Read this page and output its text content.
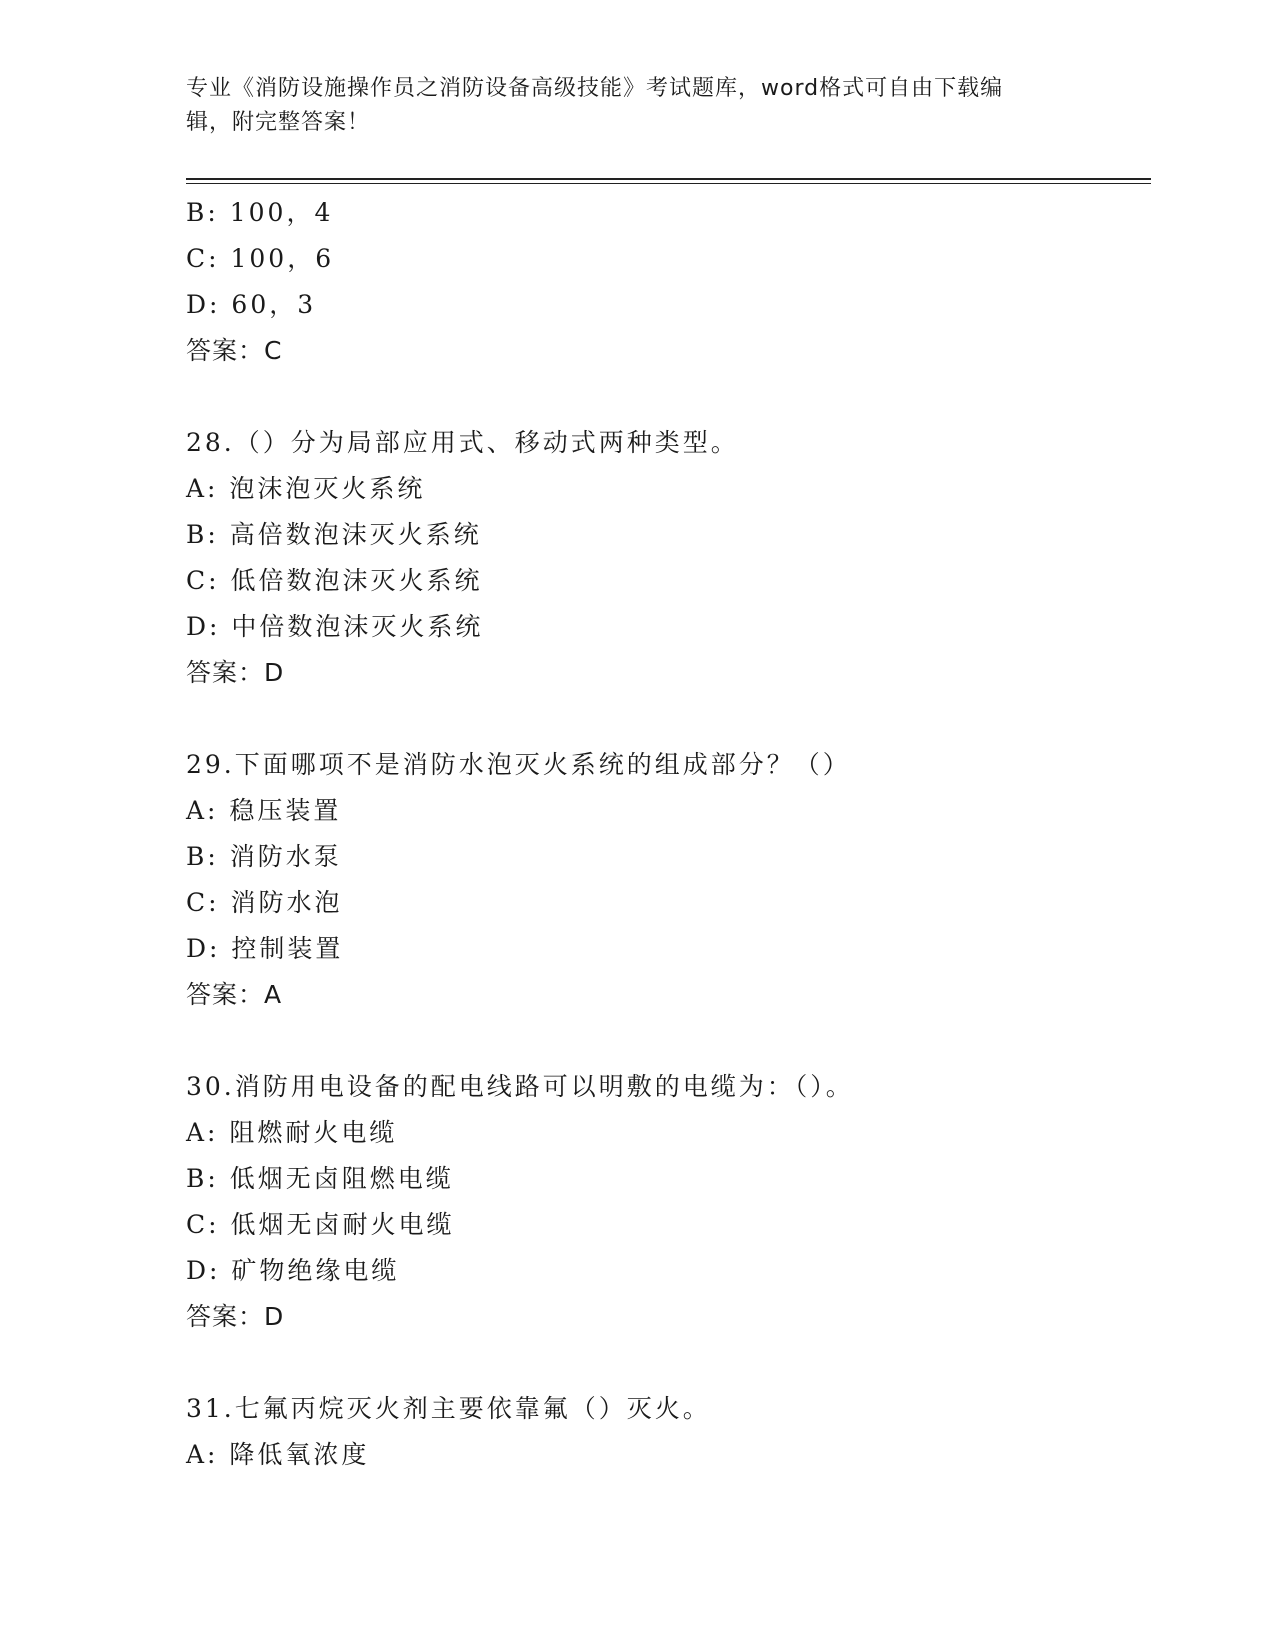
专业《消防设施操作员之消防设备高级技能》考试题库，word格式可自由下载编
辑，附完整答案！
B: 100，4
C: 100，6
D: 60，3
答案：C
28.（）分为局部应用式、移动式两种类型。
A: 泡沫泡灭火系统
B: 高倍数泡沫灭火系统
C: 低倍数泡沫灭火系统
D: 中倍数泡沫灭火系统
答案：D
29.下面哪项不是消防水泡灭火系统的组成部分？（）
A: 稳压装置
B: 消防水泵
C: 消防水泡
D: 控制装置
答案：A
30.消防用电设备的配电线路可以明敷的电缆为：（）。
A: 阻燃耐火电缆
B: 低烟无卤阻燃电缆
C: 低烟无卤耐火电缆
D: 矿物绝缘电缆
答案：D
31.七氟丙烷灭火剂主要依靠氟（）灭火。
A: 降低氧浓度
